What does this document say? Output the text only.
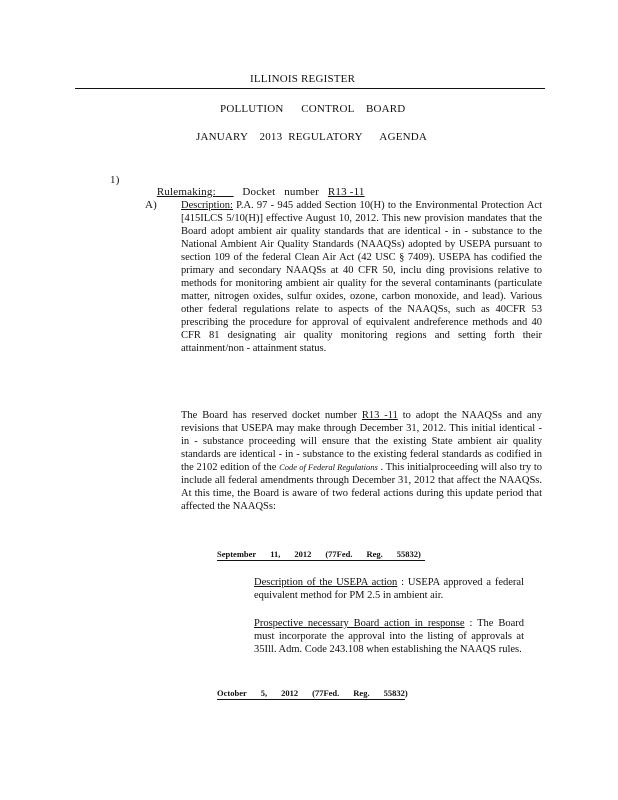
ILLINOIS REGISTER
POLLUTION      CONTROL    BOARD
JANUARY    2013  REGULATORY      AGENDA
1)

Rulemaking: Docket   number R13 -11

A) Description: P.A. 97 - 945 added Section 10(H) to the Environmental Protection Act [415ILCS 5/10(H)] effective August 10, 2012. This new provision mandates that the Board adopt ambient air quality standards that are identical - in - substance to the National Ambient Air Quality Standards (NAAQSs) adopted by USEPA pursuant to section 109 of the federal Clean Air Act (42 USC § 7409). USEPA has codified the primary and secondary NAAQSs at 40 CFR 50, inclu ding provisions relative to methods for monitoring ambient air quality for the several contaminants (particulate matter, nitrogen oxides, sulfur oxides, ozone, carbon monoxide, and lead). Various other federal regulations relate to aspects of the NAAQSs, such as 40CFR 53 prescribing the procedure for approval of equivalent andreference methods and 40 CFR 81 designating air quality monitoring regions and setting forth their attainment/non - attainment status.
The Board has reserved docket number R13 -11 to adopt the NAAQSs and any revisions that USEPA may make through December 31, 2012. This initial identical - in - substance proceeding will ensure that the existing State ambient air quality standards are identical - in - substance to the existing federal standards as codified in the 2102 edition of the Code of Federal Regulations . This initialproceeding will also try to include all federal amendments through December 31, 2012 that affect the NAAQSs. At this time, the Board is aware of two federal actions during this update period that affected the NAAQSs:
September 11, 2012 (77Fed. Reg. 55832)
Description of the USEPA action : USEPA approved a federal equivalent method for PM 2.5 in ambient air.
Prospective necessary Board action in response : The Board must incorporate the approval into the listing of approvals at 35Ill. Adm. Code 243.108 when establishing the NAAQS rules.
October 5, 2012 (77Fed. Reg. 55832)
